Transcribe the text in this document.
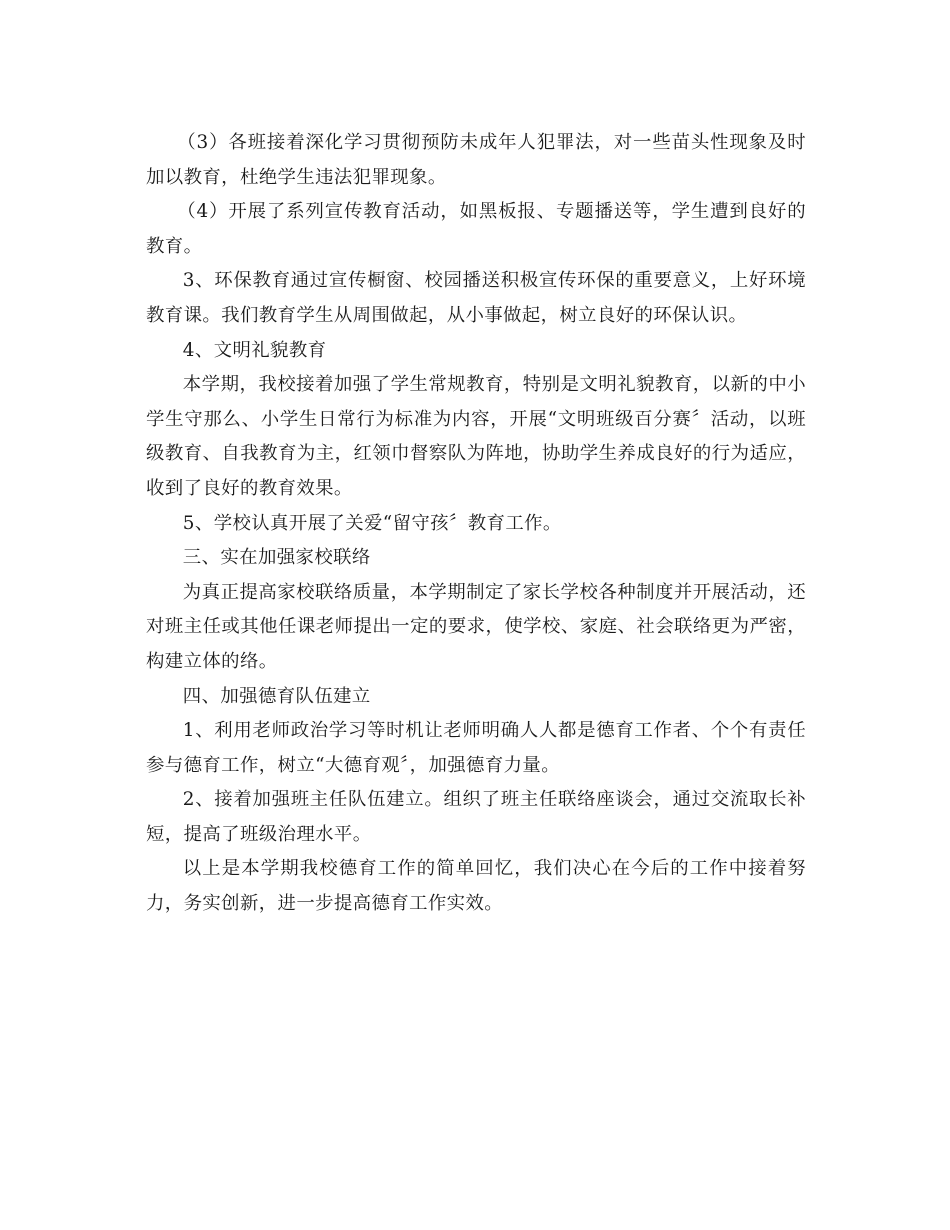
（3）各班接着深化学习贯彻预防未成年人犯罪法，对一些苗头性现象及时加以教育，杜绝学生违法犯罪现象。

（4）开展了系列宣传教育活动，如黑板报、专题播送等，学生遭到良好的教育。

3、环保教育通过宣传橱窗、校园播送积极宣传环保的重要意义，上好环境教育课。我们教育学生从周围做起，从小事做起，树立良好的环保认识。

4、文明礼貌教育

本学期，我校接着加强了学生常规教育，特别是文明礼貌教育，以新的中小学生守那么、小学生日常行为标准为内容，开展“文明班级百分赛〞活动，以班级教育、自我教育为主，红领巾督察队为阵地，协助学生养成良好的行为适应，收到了良好的教育效果。

5、学校认真开展了关爱“留守孩〞教育工作。

三、实在加强家校联络

为真正提高家校联络质量，本学期制定了家长学校各种制度并开展活动，还对班主任或其他任课老师提出一定的要求，使学校、家庭、社会联络更为严密，构建立体的络。

四、加强德育队伍建立

1、利用老师政治学习等时机让老师明确人人都是德育工作者、个个有责任参与德育工作，树立“大德育观〞，加强德育力量。

2、接着加强班主任队伍建立。组织了班主任联络座谈会，通过交流取长补短，提高了班级治理水平。

以上是本学期我校德育工作的简单回忆，我们决心在今后的工作中接着努力，务实创新，进一步提高德育工作实效。
